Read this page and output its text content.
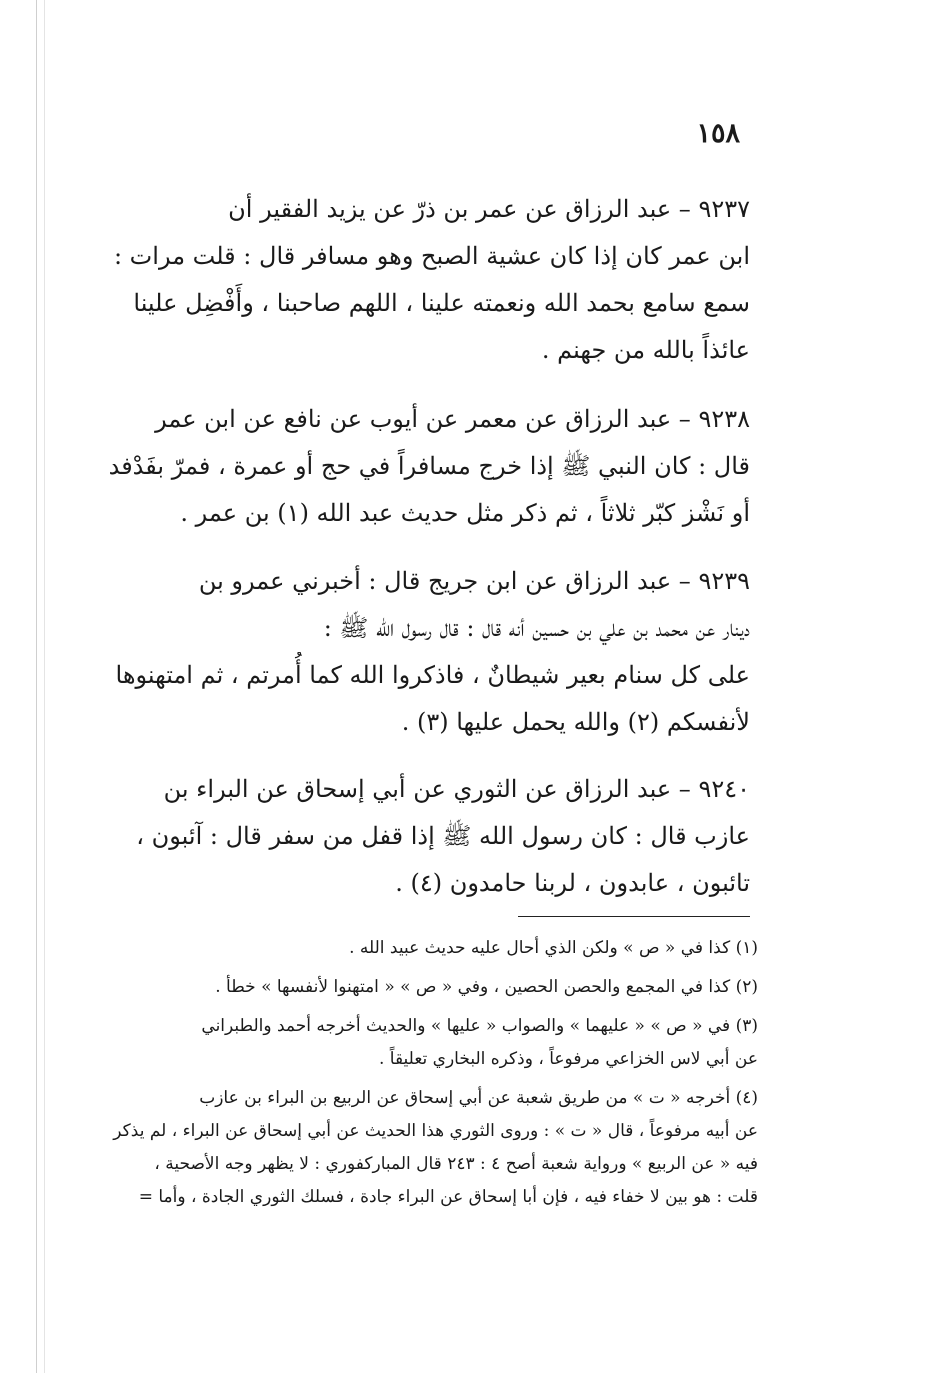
١٥٨
٩٢٣٧ – عبد الرزاق عن عمر بن ذرّ عن يزيد الفقير أن
ابن عمر كان إذا كان عشية الصبح وهو مسافر قال : قلت مرات :
سمع سامع بحمد الله ونعمته علينا ، اللهم صاحبنا ، وأَفْضِل علينا
عائذاً بالله من جهنم .
٩٢٣٨ – عبد الرزاق عن معمر عن أيوب عن نافع عن ابن عمر
قال : كان النبي ﷺ إذا خرج مسافراً في حج أو عمرة ، فمرّ بفَدْفد
أو نَشْز كبّر ثلاثاً ، ثم ذكر مثل حديث عبد الله (١) بن عمر .
٩٢٣٩ – عبد الرزاق عن ابن جريج قال : أخبرني عمرو بن
دينار عن محمد بن علي بن حسين أنه قال : قال رسول الله ﷺ :
على كل سنام بعير شيطانٌ ، فاذكروا الله كما أُمرتم ، ثم امتهنوها
لأنفسكم (٢) والله يحمل عليها (٣) .
٩٢٤٠ – عبد الرزاق عن الثوري عن أبي إسحاق عن البراء بن
عازب قال : كان رسول الله ﷺ إذا قفل من سفر قال : آئبون ،
تائبون ، عابدون ، لربنا حامدون (٤) .
(١) كذا في « ص » ولكن الذي أحال عليه حديث عبيد الله .
(٢) كذا في المجمع والحصن الحصين ، وفي « ص » « امتهنوا لأنفسها » خطأ .
(٣) في « ص » « عليهما » والصواب « عليها » والحديث أخرجه أحمد والطبراني
عن أبي لاس الخزاعي مرفوعاً ، وذكره البخاري تعليقاً .
(٤) أخرجه « ت » من طريق شعبة عن أبي إسحاق عن الربيع بن البراء بن عازب
عن أبيه مرفوعاً ، قال « ت » : وروى الثوري هذا الحديث عن أبي إسحاق عن البراء ، لم يذكر
فيه « عن الربيع » ورواية شعبة أصح ٤ : ٢٤٣ قال المباركفوري : لا يظهر وجه الأصحية ،
قلت : هو بين لا خفاء فيه ، فإن أبا إسحاق عن البراء جادة ، فسلك الثوري الجادة ، وأما =
